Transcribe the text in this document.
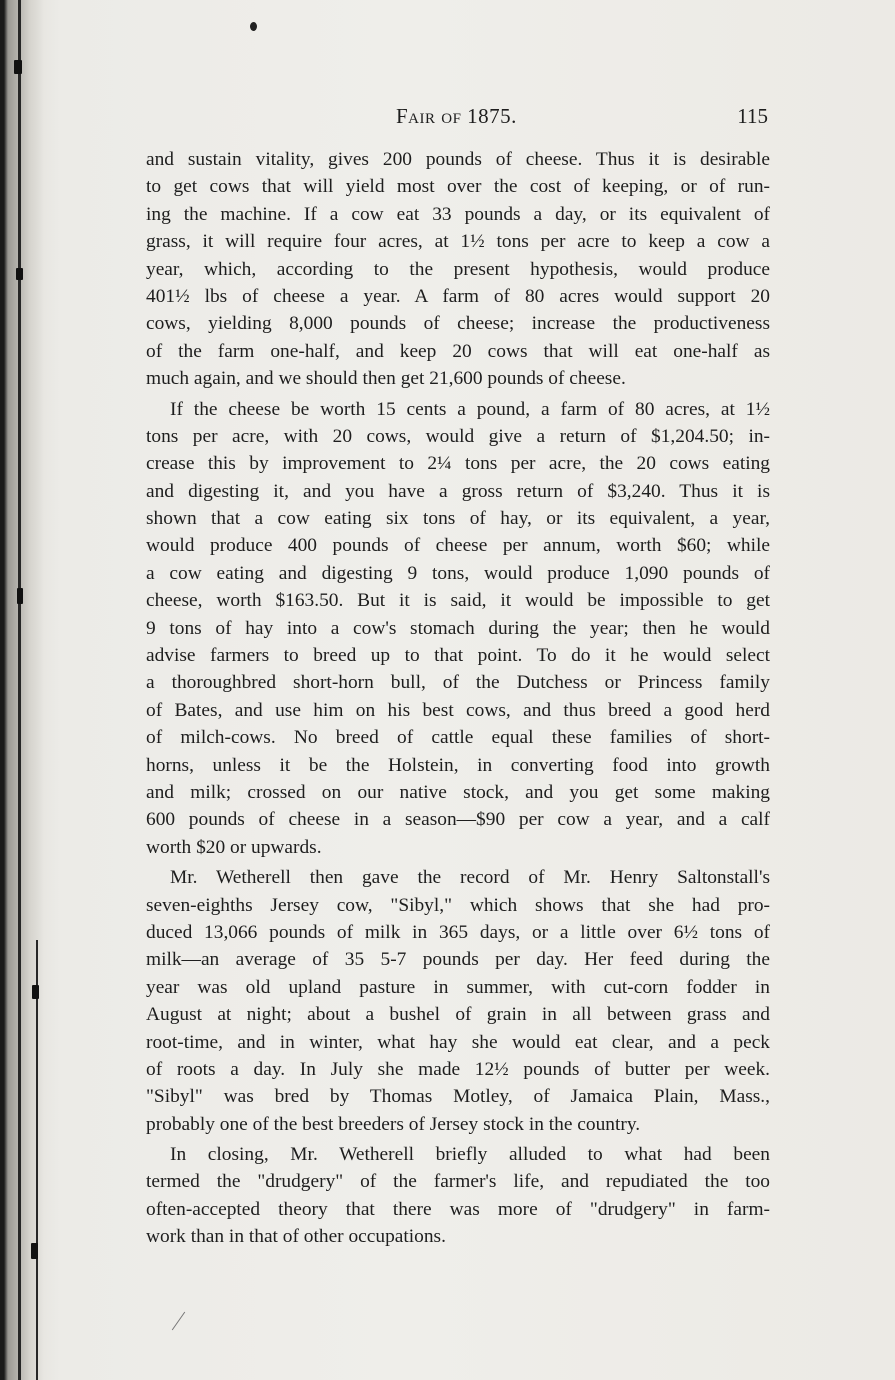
Fair of 1875.	115
and sustain vitality, gives 200 pounds of cheese. Thus it is desirable
to get cows that will yield most over the cost of keeping, or of run-
ing the machine. If a cow eat 33 pounds a day, or its equivalent of
grass, it will require four acres, at 1½ tons per acre to keep a cow a
year, which, according to the present hypothesis, would produce
401½ lbs of cheese a year. A farm of 80 acres would support 20
cows, yielding 8,000 pounds of cheese; increase the productiveness
of the farm one-half, and keep 20 cows that will eat one-half as
much again, and we should then get 21,600 pounds of cheese.
If the cheese be worth 15 cents a pound, a farm of 80 acres, at 1½
tons per acre, with 20 cows, would give a return of $1,204.50; in-
crease this by improvement to 2¼ tons per acre, the 20 cows eating
and digesting it, and you have a gross return of $3,240. Thus it is
shown that a cow eating six tons of hay, or its equivalent, a year,
would produce 400 pounds of cheese per annum, worth $60; while
a cow eating and digesting 9 tons, would produce 1,090 pounds of
cheese, worth $163.50. But it is said, it would be impossible to get
9 tons of hay into a cow's stomach during the year; then he would
advise farmers to breed up to that point. To do it he would select
a thoroughbred short-horn bull, of the Dutchess or Princess family
of Bates, and use him on his best cows, and thus breed a good herd
of milch-cows. No breed of cattle equal these families of short-
horns, unless it be the Holstein, in converting food into growth
and milk; crossed on our native stock, and you get some making
600 pounds of cheese in a season—$90 per cow a year, and a calf
worth $20 or upwards.
Mr. Wetherell then gave the record of Mr. Henry Saltonstall's
seven-eighths Jersey cow, "Sibyl," which shows that she had pro-
duced 13,066 pounds of milk in 365 days, or a little over 6½ tons of
milk—an average of 35 5-7 pounds per day. Her feed during the
year was old upland pasture in summer, with cut-corn fodder in
August at night; about a bushel of grain in all between grass and
root-time, and in winter, what hay she would eat clear, and a peck
of roots a day. In July she made 12½ pounds of butter per week.
"Sibyl" was bred by Thomas Motley, of Jamaica Plain, Mass.,
probably one of the best breeders of Jersey stock in the country.
In closing, Mr. Wetherell briefly alluded to what had been
termed the "drudgery" of the farmer's life, and repudiated the too
often-accepted theory that there was more of "drudgery" in farm-
work than in that of other occupations.
